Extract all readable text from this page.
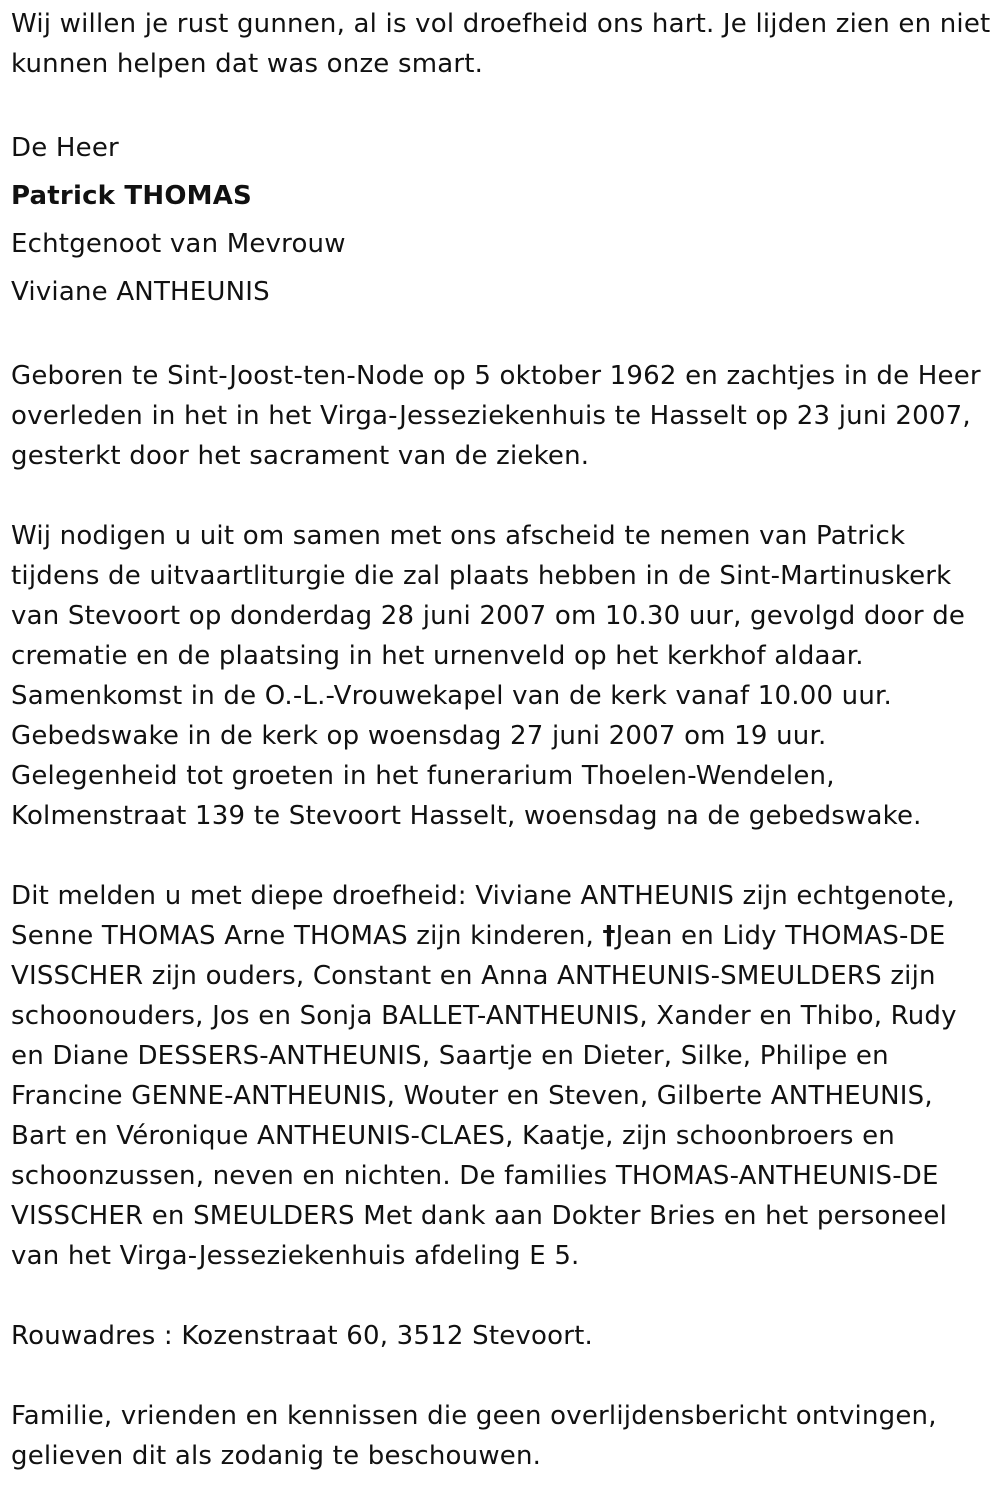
Wij willen je rust gunnen, al is vol droefheid ons hart. Je lijden zien en niet kunnen helpen dat was onze smart.

De Heer

Patrick THOMAS

Echtgenoot van Mevrouw

Viviane ANTHEUNIS

Geboren te Sint-Joost-ten-Node op 5 oktober 1962 en zachtjes in de Heer overleden in het in het Virga-Jesseziekenhuis te Hasselt op 23 juni 2007, gesterkt door het sacrament van de zieken.

Wij nodigen u uit om samen met ons afscheid te nemen van Patrick tijdens de uitvaartliturgie die zal plaats hebben in de Sint-Martinuskerk van Stevoort op donderdag 28 juni 2007 om 10.30 uur, gevolgd door de crematie en de plaatsing in het urnenveld op het kerkhof aldaar. Samenkomst in de O.-L.-Vrouwekapel van de kerk vanaf 10.00 uur. Gebedswake in de kerk op woensdag 27 juni 2007 om 19 uur. Gelegenheid tot groeten in het funerarium Thoelen-Wendelen, Kolmenstraat 139 te Stevoort Hasselt, woensdag na de gebedswake.

Dit melden u met diepe droefheid: Viviane ANTHEUNIS zijn echtgenote, Senne THOMAS Arne THOMAS zijn kinderen, †Jean en Lidy THOMAS-DE VISSCHER zijn ouders, Constant en Anna ANTHEUNIS-SMEULDERS zijn schoonouders, Jos en Sonja BALLET-ANTHEUNIS, Xander en Thibo, Rudy en Diane DESSERS-ANTHEUNIS, Saartje en Dieter, Silke, Philipe en Francine GENNE-ANTHEUNIS, Wouter en Steven, Gilberte ANTHEUNIS, Bart en Véronique ANTHEUNIS-CLAES, Kaatje, zijn schoonbroers en schoonzussen, neven en nichten. De families THOMAS-ANTHEUNIS-DE VISSCHER en SMEULDERS Met dank aan Dokter Bries en het personeel van het Virga-Jesseziekenhuis afdeling E 5.

Rouwadres : Kozenstraat 60, 3512 Stevoort.

Familie, vrienden en kennissen die geen overlijdensbericht ontvingen, gelieven dit als zodanig te beschouwen.
